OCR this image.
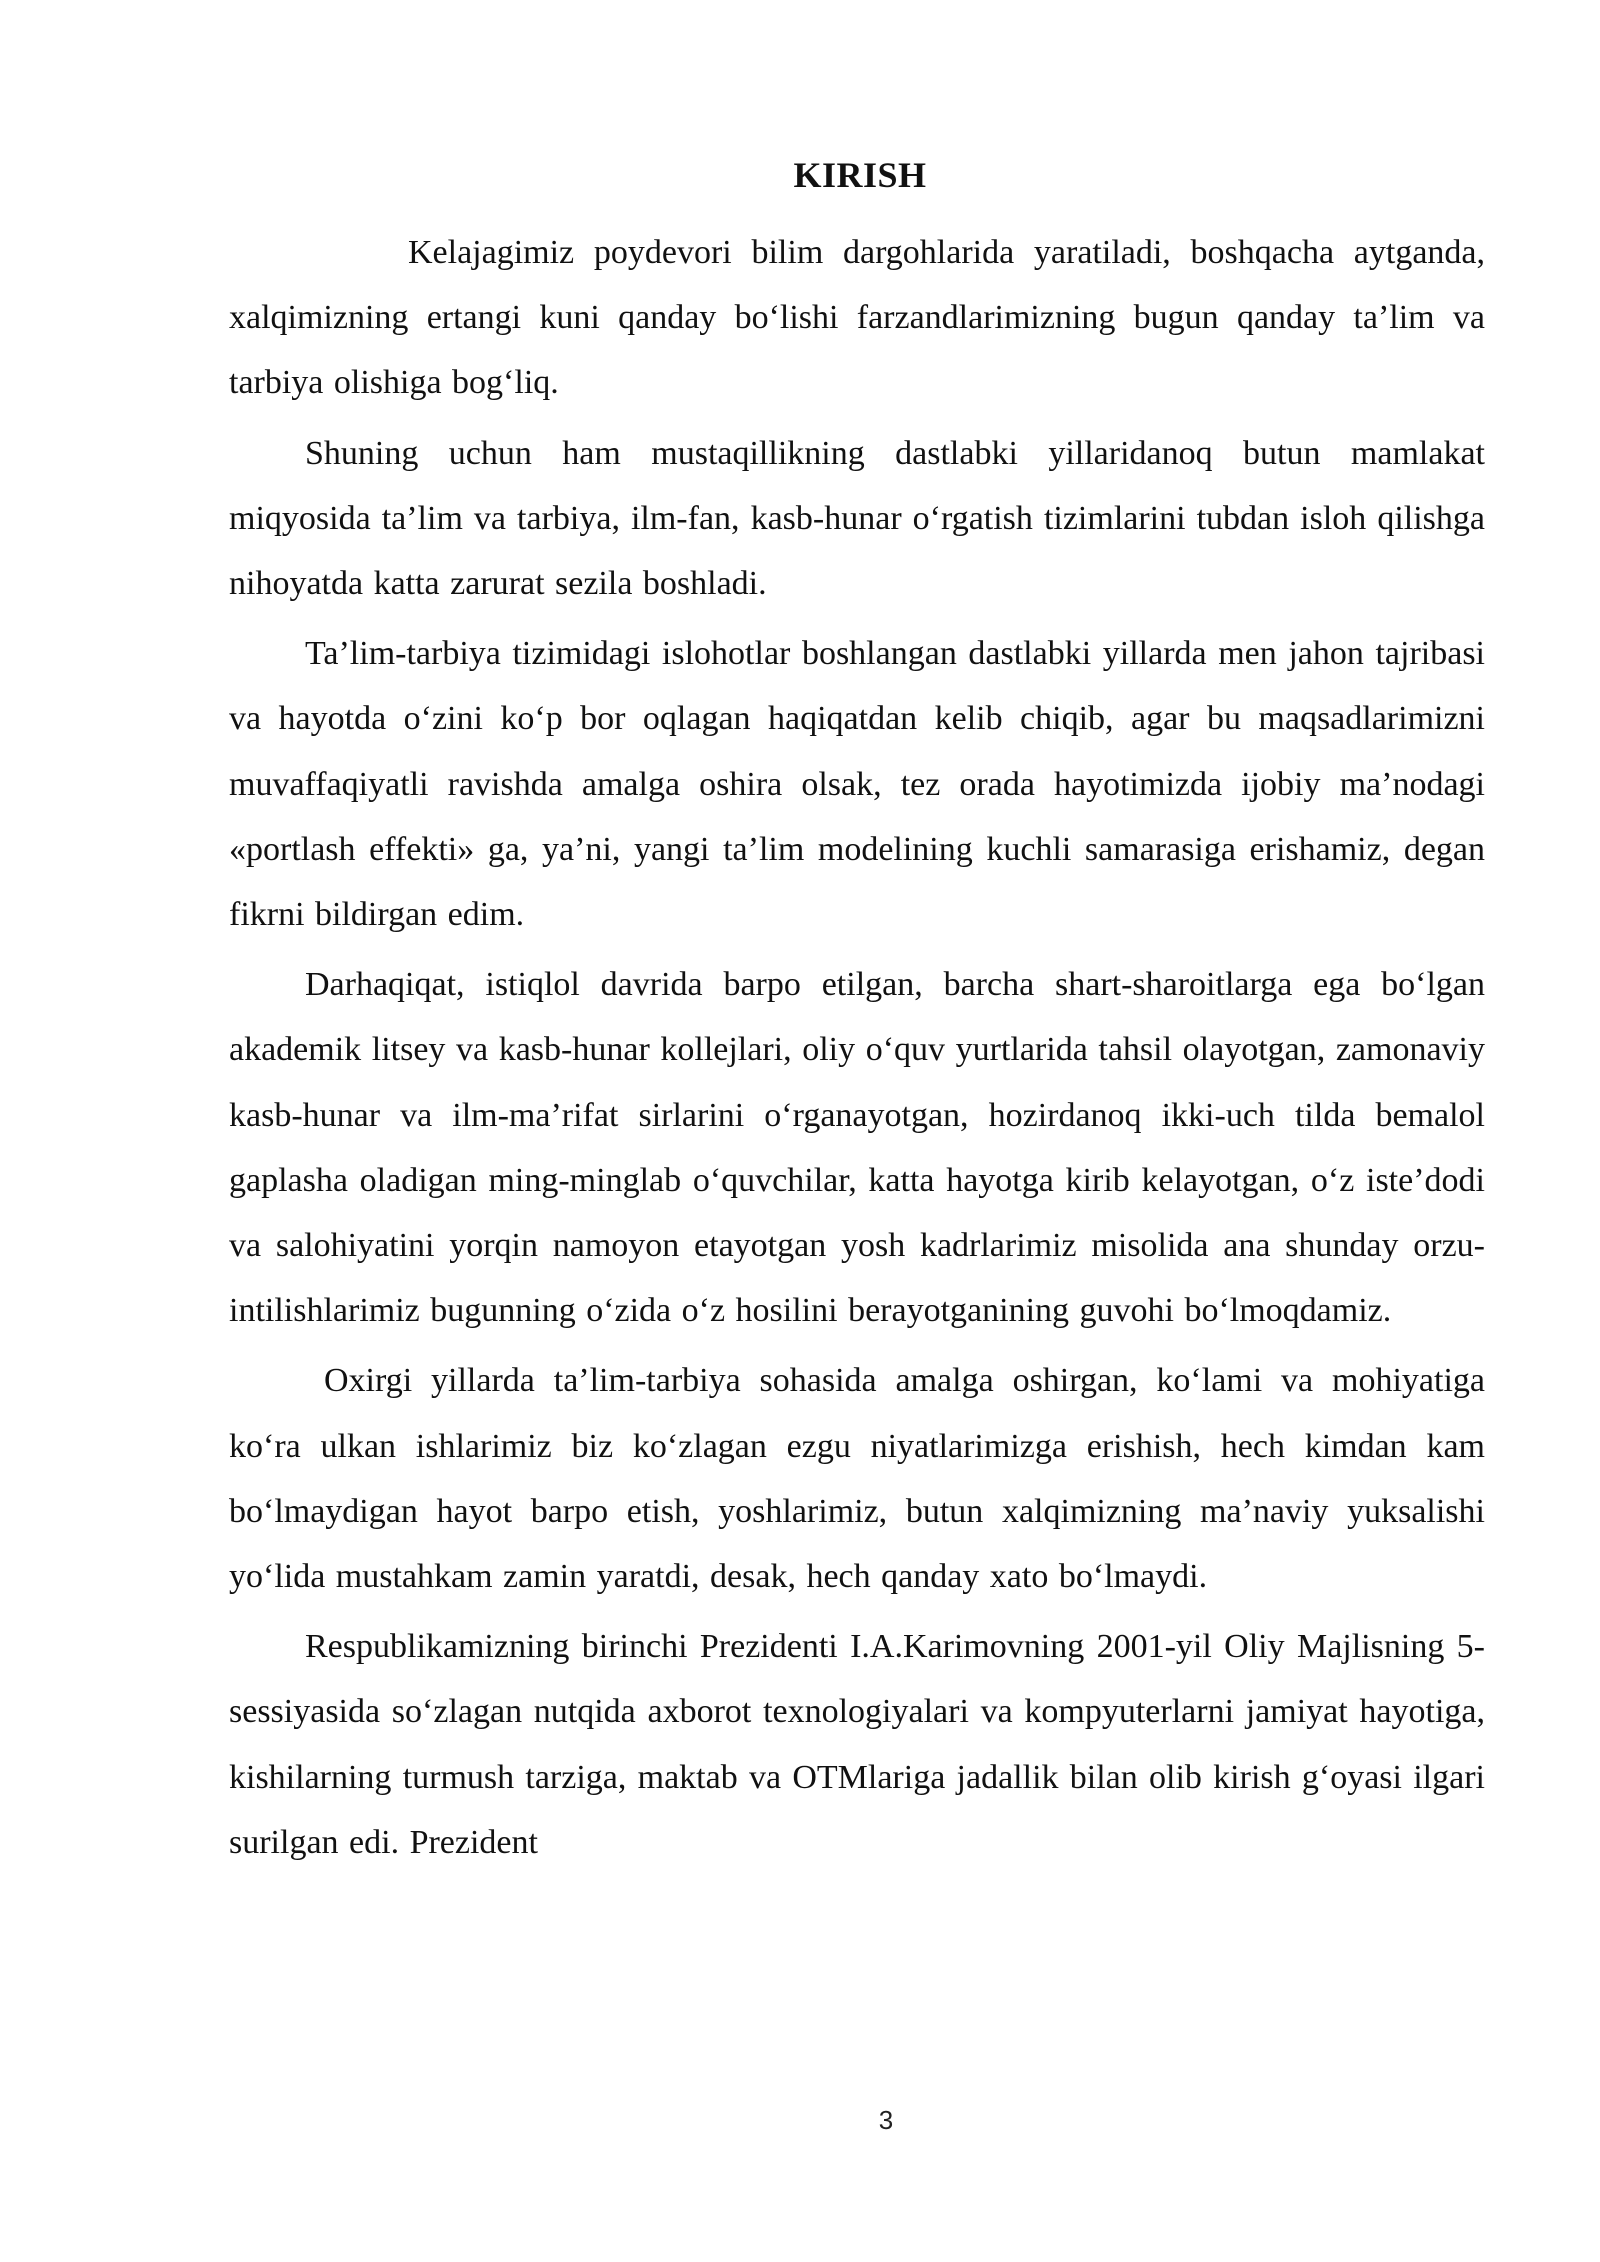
KIRISH

Kelajagimiz poydevori bilim dargohlarida yaratiladi, boshqacha aytganda, xalqimizning ertangi kuni qanday bo‘lishi farzandlarimizning bugun qanday ta’lim va tarbiya olishiga bog‘liq.

Shuning uchun ham mustaqillikning dastlabki yillaridanoq butun mamlakat miqyosida ta’lim va tarbiya, ilm-fan, kasb-hunar o‘rgatish tizimlarini tubdan isloh qilishga nihoyatda katta zarurat sezila boshladi.

Ta’lim-tarbiya tizimidagi islohotlar boshlangan dastlabki yillarda men jahon tajribasi va hayotda o‘zini ko‘p bor oqlagan haqiqatdan kelib chiqib, agar bu maqsadlarimizni muvaffaqiyatli ravishda amalga oshira olsak, tez orada hayotimizda ijobiy ma’nodagi «portlash effekti» ga, ya’ni, yangi ta’lim modelining kuchli samarasiga erishamiz, degan fikrni bildirgan edim.

Darhaqiqat, istiqlol davrida barpo etilgan, barcha shart-sharoitlarga ega bo‘lgan akademik litsey va kasb-hunar kollejlari, oliy o‘quv yurtlarida tahsil olayotgan, zamonaviy kasb-hunar va ilm-ma’rifat sirlarini o‘rganayotgan, hozirdanoq ikki-uch tilda bemalol gaplasha oladigan ming-minglab o‘quvchilar, katta hayotga kirib kelayotgan, o‘z iste’dodi va salohiyatini yorqin namoyon etayotgan yosh kadrlarimiz misolida ana shunday orzu-intilishlarimiz bugunning o‘zida o‘z hosilini berayotganining guvohi bo‘lmoqdamiz.

Oxirgi yillarda ta’lim-tarbiya sohasida amalga oshirgan, ko‘lami va mohiyatiga ko‘ra ulkan ishlarimiz biz ko‘zlagan ezgu niyatlarimizga erishish, hech kimdan kam bo‘lmaydigan hayot barpo etish, yoshlarimiz, butun xalqimizning ma’naviy yuksalishi yo‘lida mustahkam zamin yaratdi, desak, hech qanday xato bo‘lmaydi.

Respublikamizning birinchi Prezidenti I.A.Karimovning 2001-yil Oliy Majlisning 5-sessiyasida so‘zlagan nutqida axborot texnologiyalari va kompyuterlarni jamiyat hayotiga, kishilarning turmush tarziga, maktab va OTMlariga jadallik bilan olib kirish g‘oyasi ilgari surilgan edi. Prezident

3
